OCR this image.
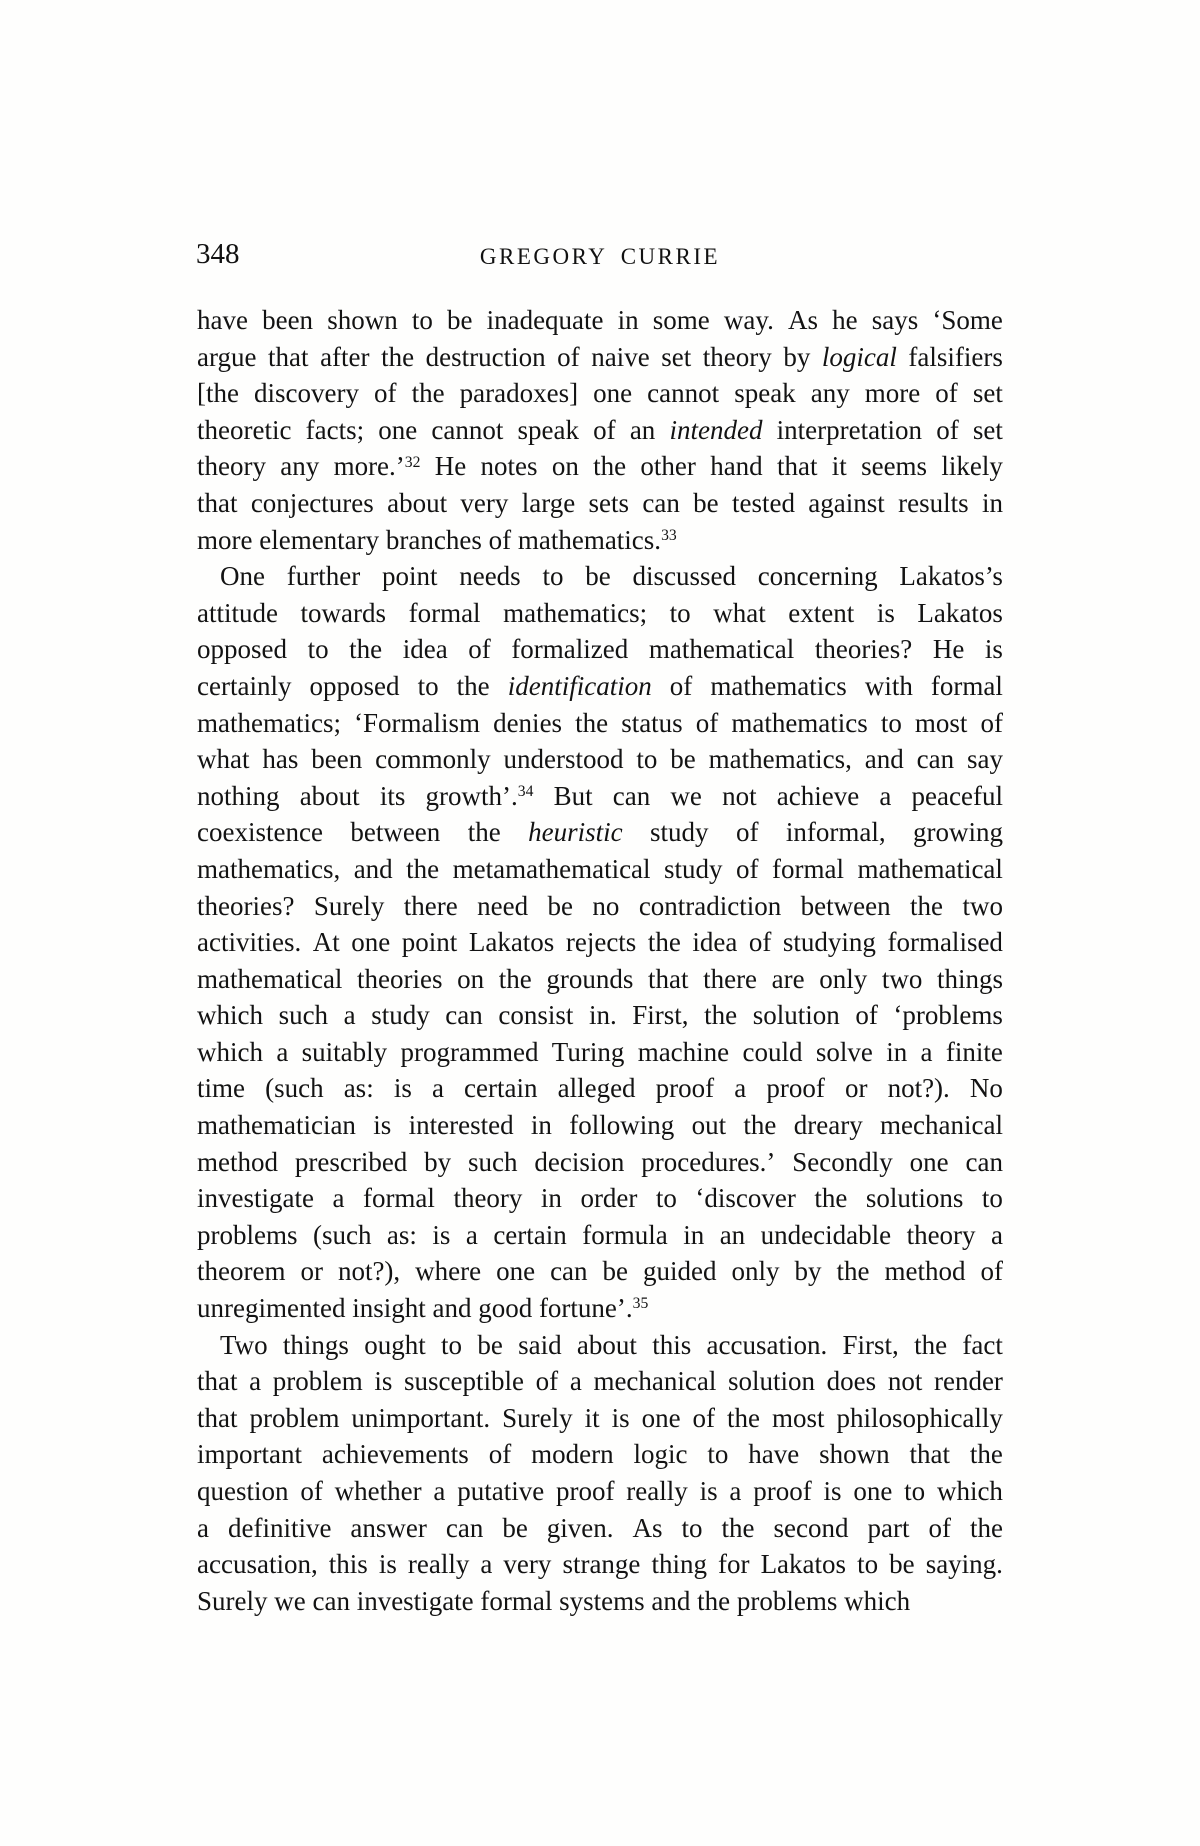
348	GREGORY CURRIE
have been shown to be inadequate in some way. As he says ‘Some
argue that after the destruction of naive set theory by logical falsifiers
[the discovery of the paradoxes] one cannot speak any more of set
theoretic facts; one cannot speak of an intended interpretation of set
theory any more.’$^{32}$ He notes on the other hand that it seems likely
that conjectures about very large sets can be tested against results in
more elementary branches of mathematics.$^{33}$
One further point needs to be discussed concerning Lakatos’s
attitude towards formal mathematics; to what extent is Lakatos
opposed to the idea of formalized mathematical theories? He is
certainly opposed to the identification of mathematics with formal
mathematics; ‘Formalism denies the status of mathematics to most of
what has been commonly understood to be mathematics, and can say
nothing about its growth’.$^{34}$ But can we not achieve a peaceful
coexistence between the heuristic study of informal, growing
mathematics, and the metamathematical study of formal mathematical
theories? Surely there need be no contradiction between the two
activities. At one point Lakatos rejects the idea of studying formalised
mathematical theories on the grounds that there are only two things
which such a study can consist in. First, the solution of ‘problems
which a suitably programmed Turing machine could solve in a finite
time (such as: is a certain alleged proof a proof or not?). No
mathematician is interested in following out the dreary mechanical
method prescribed by such decision procedures.’ Secondly one can
investigate a formal theory in order to ‘discover the solutions to
problems (such as: is a certain formula in an undecidable theory a
theorem or not?), where one can be guided only by the method of
unregimented insight and good fortune’.$^{35}$
Two things ought to be said about this accusation. First, the fact
that a problem is susceptible of a mechanical solution does not render
that problem unimportant. Surely it is one of the most philosophically
important achievements of modern logic to have shown that the
question of whether a putative proof really is a proof is one to which
a definitive answer can be given. As to the second part of the
accusation, this is really a very strange thing for Lakatos to be saying.
Surely we can investigate formal systems and the problems which
